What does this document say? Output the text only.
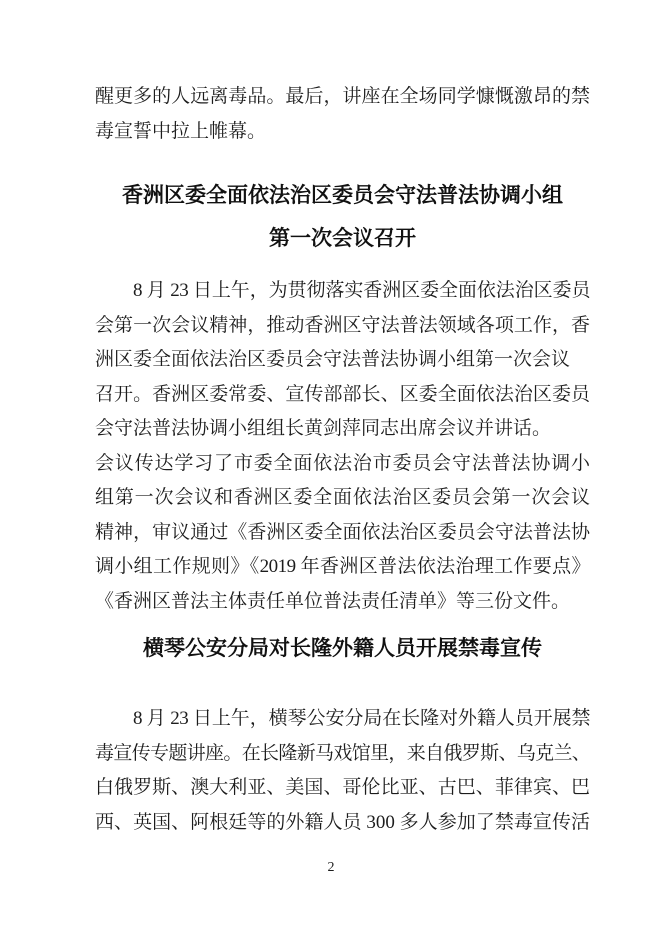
醒更多的人远离毒品。最后，讲座在全场同学慷慨激昂的禁
毒宣誓中拉上帷幕。
香洲区委全面依法治区委员会守法普法协调小组
第一次会议召开
8 月 23 日上午，为贯彻落实香洲区委全面依法治区委员
会第一次会议精神，推动香洲区守法普法领域各项工作，香
洲区委全面依法治区委员会守法普法协调小组第一次会议
召开。香洲区委常委、宣传部部长、区委全面依法治区委员
会守法普法协调小组组长黄剑萍同志出席会议并讲话。
会议传达学习了市委全面依法治市委员会守法普法协调小
组第一次会议和香洲区委全面依法治区委员会第一次会议
精神，审议通过《香洲区委全面依法治区委员会守法普法协
调小组工作规则》《2019 年香洲区普法依法治理工作要点》
《香洲区普法主体责任单位普法责任清单》等三份文件。
横琴公安分局对长隆外籍人员开展禁毒宣传
8 月 23 日上午，横琴公安分局在长隆对外籍人员开展禁
毒宣传专题讲座。在长隆新马戏馆里，来自俄罗斯、乌克兰、
白俄罗斯、澳大利亚、美国、哥伦比亚、古巴、菲律宾、巴
西、英国、阿根廷等的外籍人员 300 多人参加了禁毒宣传活
2
